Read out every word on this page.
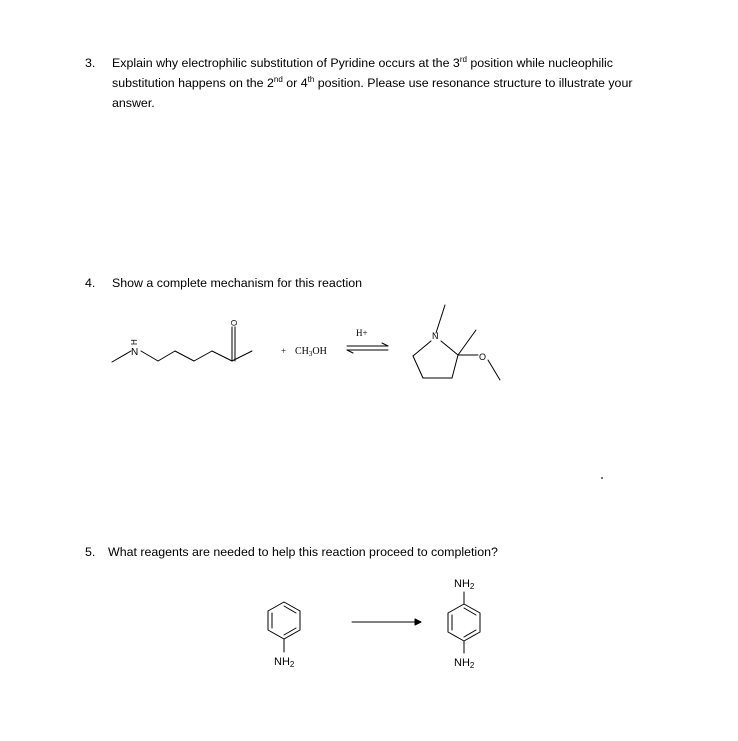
3. Explain why electrophilic substitution of Pyridine occurs at the 3rd position while nucleophilic
substitution happens on the 2nd or 4th position. Please use resonance structure to illustrate your
answer.
4. Show a complete mechanism for this reaction
5. What reagents are needed to help this reaction proceed to completion?
N
H
O
+ $CH_3OH$
H+	N
O
NH2
NH2
NH2
